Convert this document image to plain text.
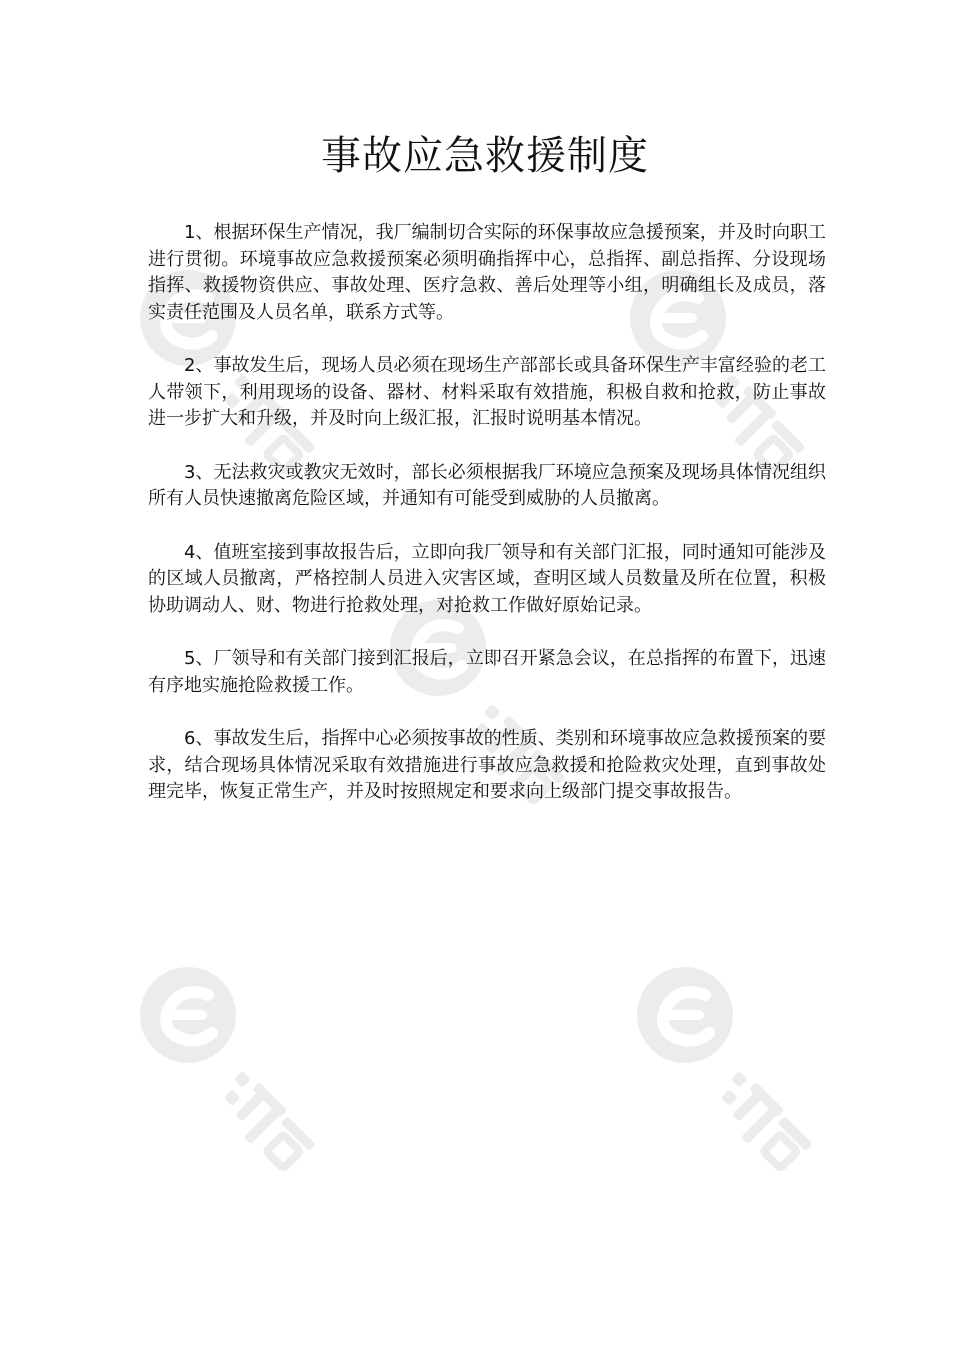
事故应急救援制度

1、根据环保生产情况，我厂编制切合实际的环保事故应急援预案，并及时向职工进行贯彻。环境事故应急救援预案必须明确指挥中心，总指挥、副总指挥、分设现场指挥、救援物资供应、事故处理、医疗急救、善后处理等小组，明确组长及成员，落实责任范围及人员名单，联系方式等。

2、事故发生后，现场人员必须在现场生产部部长或具备环保生产丰富经验的老工人带领下，利用现场的设备、器材、材料采取有效措施，积极自救和抢救，防止事故进一步扩大和升级，并及时向上级汇报，汇报时说明基本情况。

3、无法救灾或教灾无效时，部长必须根据我厂环境应急预案及现场具体情况组织所有人员快速撤离危险区域，并通知有可能受到威胁的人员撤离。

4、值班室接到事故报告后，立即向我厂领导和有关部门汇报，同时通知可能涉及的区域人员撤离，严格控制人员进入灾害区域，查明区域人员数量及所在位置，积极协助调动人、财、物进行抢救处理，对抢救工作做好原始记录。

5、厂领导和有关部门接到汇报后，立即召开紧急会议，在总指挥的布置下，迅速有序地实施抢险救援工作。

6、事故发生后，指挥中心必须按事故的性质、类别和环境事故应急救援预案的要求，结合现场具体情况采取有效措施进行事故应急救援和抢险救灾处理，直到事故处理完毕，恢复正常生产，并及时按照规定和要求向上级部门提交事故报告。
